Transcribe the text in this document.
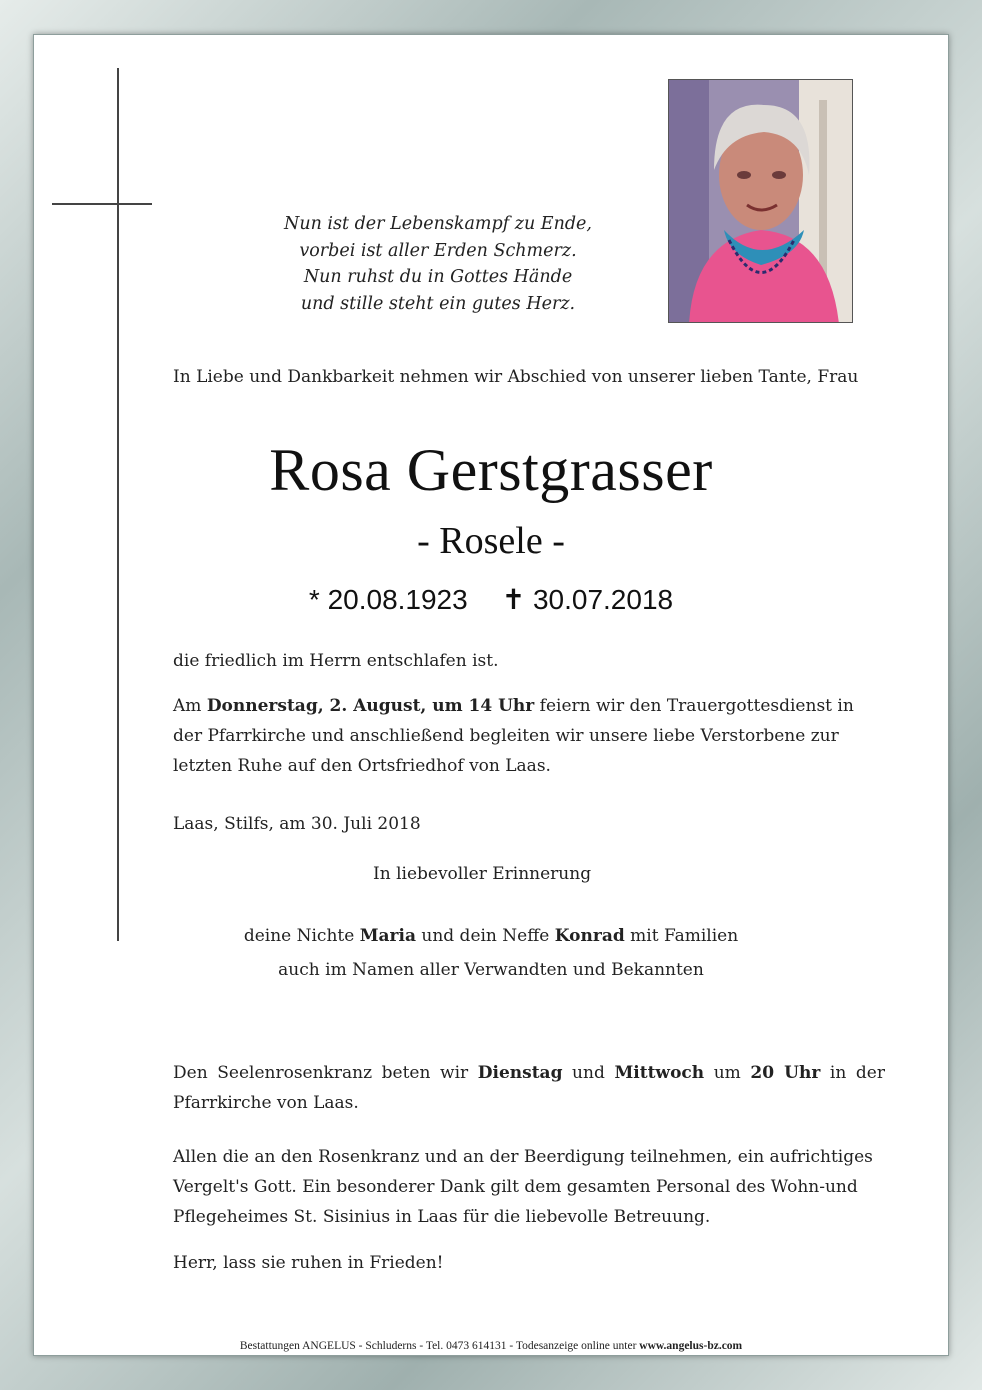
Nun ist der Lebenskampf zu Ende,
vorbei ist aller Erden Schmerz.
Nun ruhst du in Gottes Hände
und stille steht ein gutes Herz.
In Liebe und Dankbarkeit nehmen wir Abschied von unserer lieben Tante, Frau
Rosa Gerstgrasser
- Rosele -
* 20.08.1923 ✝ 30.07.2018
die friedlich im Herrn entschlafen ist.
Am Donnerstag, 2. August, um 14 Uhr feiern wir den Trauergottesdienst in der Pfarrkirche und anschließend begleiten wir unsere liebe Verstorbene zur letzten Ruhe auf den Ortsfriedhof von Laas.
Laas, Stilfs, am 30. Juli 2018
In liebevoller Erinnerung
deine Nichte Maria und dein Neffe Konrad mit Familien
auch im Namen aller Verwandten und Bekannten
Den Seelenrosenkranz beten wir Dienstag und Mittwoch um 20 Uhr in der Pfarrkirche von Laas.
Allen die an den Rosenkranz und an der Beerdigung teilnehmen, ein aufrichtiges Vergelt's Gott. Ein besonderer Dank gilt dem gesamten Personal des Wohn-und Pflegeheimes St. Sisinius in Laas für die liebevolle Betreuung.
Herr, lass sie ruhen in Frieden!
Bestattungen ANGELUS - Schluderns - Tel. 0473 614131 - Todesanzeige online unter www.angelus-bz.com
